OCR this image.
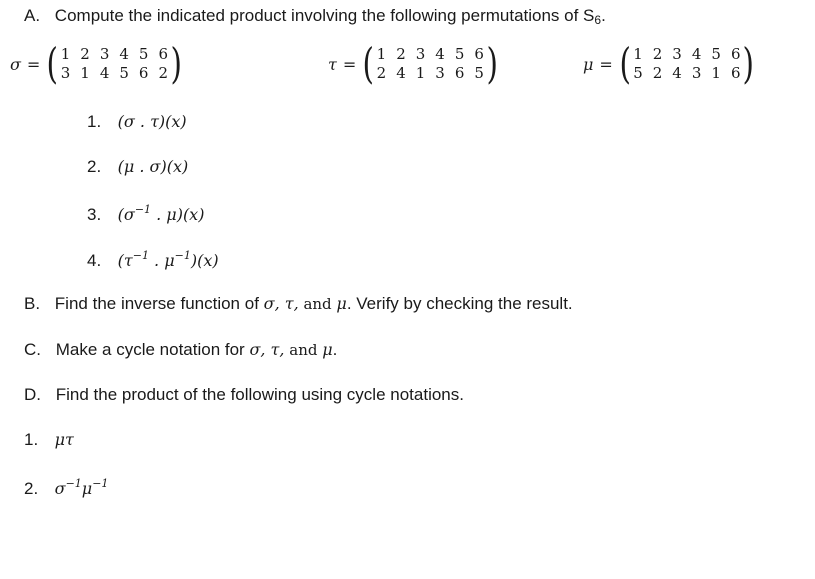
A. Compute the indicated product involving the following permutations of $S_6$.
σ = ( 1 2 3 4 5 6
3 1 4 5 6 2 )	τ = ( 1 2 3 4 5 6
2 4 1 3 6 5 )	μ = ( 1 2 3 4 5 6
5 2 4 3 1 6 )
1. (σ . τ)(x)
2. (μ . σ)(x)
3. ($\sigma^{-1}$ . μ)(x)
4. ($\tau^{-1}$ . $\mu^{-1})(x)$
B. Find the inverse function of σ, τ, and μ. Verify by checking the result.
C. Make a cycle notation for σ, τ, and μ.
D. Find the product of the following using cycle notations.
1. μτ
2. $\sigma^{-1}\mu^{-1}$
